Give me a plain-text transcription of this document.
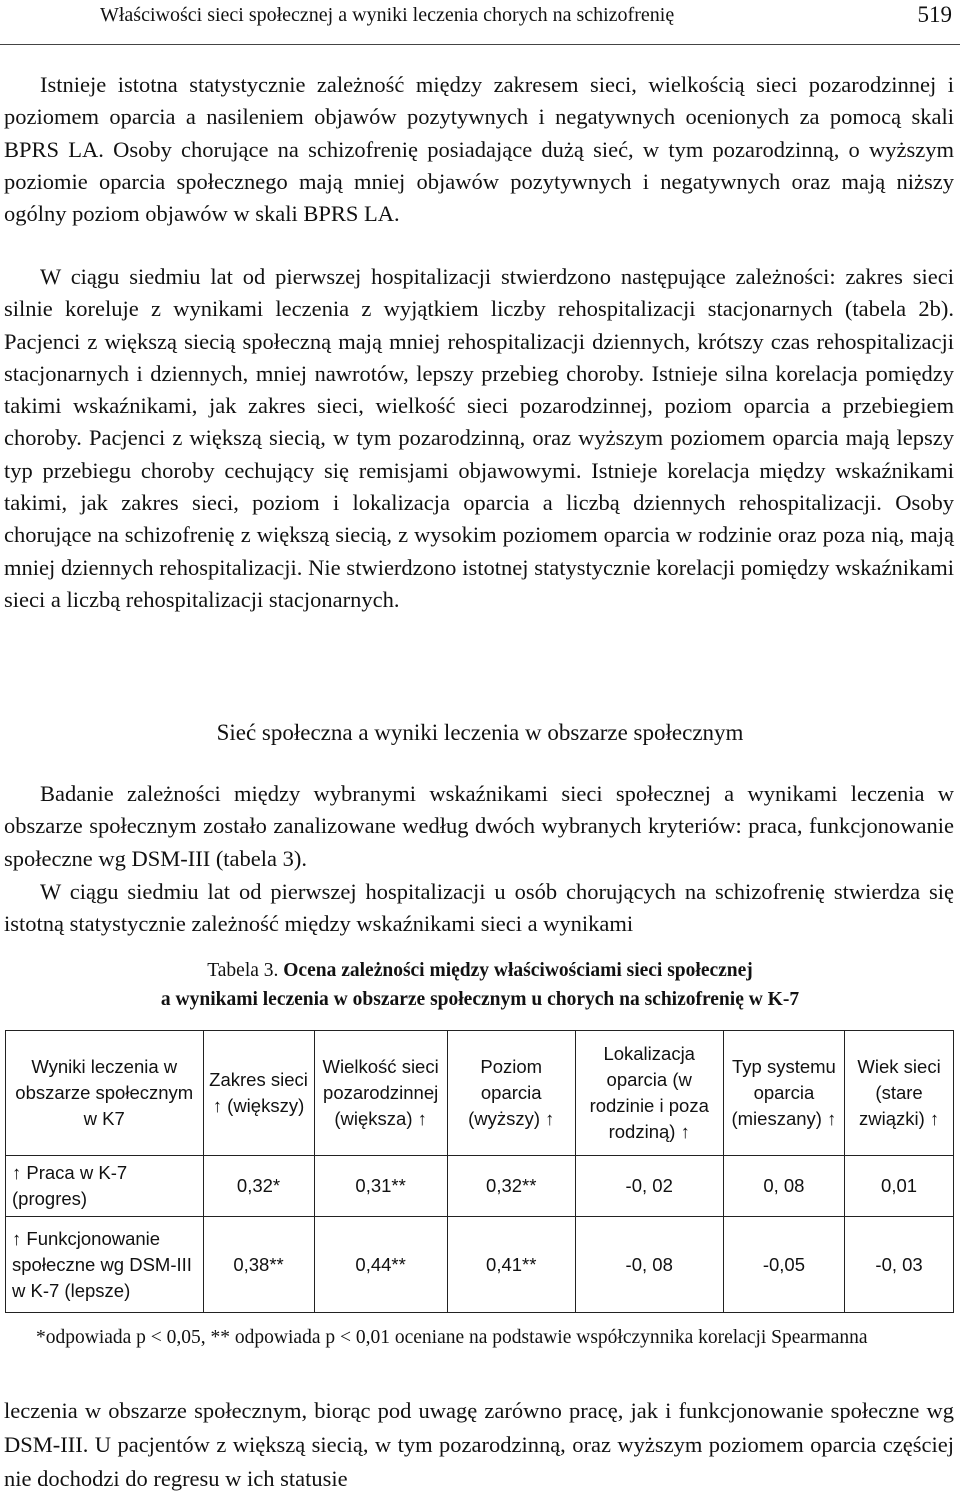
Właściwości sieci społecznej a wyniki leczenia chorych na schizofrenię	519

Istnieje istotna statystycznie zależność między zakresem sieci, wielkością sieci pozarodzinnej i poziomem oparcia a nasileniem objawów pozytywnych i negatywnych ocenionych za pomocą skali BPRS LA. Osoby chorujące na schizofrenię posiadające dużą sieć, w tym pozarodzinną, o wyższym poziomie oparcia społecznego mają mniej objawów pozytywnych i negatywnych oraz mają niższy ogólny poziom objawów w skali BPRS LA.

W ciągu siedmiu lat od pierwszej hospitalizacji stwierdzono następujące zależności: zakres sieci silnie koreluje z wynikami leczenia z wyjątkiem liczby rehospitalizacji stacjonarnych (tabela 2b). Pacjenci z większą siecią społeczną mają mniej rehospitalizacji dziennych, krótszy czas rehospitalizacji stacjonarnych i dziennych, mniej nawrotów, lepszy przebieg choroby. Istnieje silna korelacja pomiędzy takimi wskaźnikami, jak zakres sieci, wielkość sieci pozarodzinnej, poziom oparcia a przebiegiem choroby. Pacjenci z większą siecią, w tym pozarodzinną, oraz wyższym poziomem oparcia mają lepszy typ przebiegu choroby cechujący się remisjami objawowymi. Istnieje korelacja między wskaźnikami takimi, jak zakres sieci, poziom i lokalizacja oparcia a liczbą dziennych rehospitalizacji. Osoby chorujące na schizofrenię z większą siecią, z wysokim poziomem oparcia w rodzinie oraz poza nią, mają mniej dziennych rehospitalizacji. Nie stwierdzono istotnej statystycznie korelacji pomiędzy wskaźnikami sieci a liczbą rehospitalizacji stacjonarnych.

Sieć społeczna a wyniki leczenia w obszarze społecznym

Badanie zależności między wybranymi wskaźnikami sieci społecznej a wynikami leczenia w obszarze społecznym zostało zanalizowane według dwóch wybranych kryteriów: praca, funkcjonowanie społeczne wg DSM-III (tabela 3).

W ciągu siedmiu lat od pierwszej hospitalizacji u osób chorujących na schizofrenię stwierdza się istotną statystycznie zależność między wskaźnikami sieci a wynikami

Tabela 3. Ocena zależności między właściwościami sieci społecznej
a wynikami leczenia w obszarze społecznym u chorych na schizofrenię w K-7
Wyniki leczenia w obszarze społecznym w K7	Zakres sieci ↑ (większy)	Wielkość sieci pozarodzinnej (większa) ↑	Poziom oparcia (wyższy) ↑	Lokalizacja oparcia (w rodzinie i poza rodziną) ↑	Typ systemu oparcia (mieszany) ↑	Wiek sieci (stare związki) ↑
↑ Praca w K-7 (progres)	0,32*	0,31**	0,32**	-0, 02	0, 08	0,01
↑ Funkcjonowanie społeczne wg DSM-III w K-7 (lepsze)	0,38**	0,44**	0,41**	-0, 08	-0,05	-0, 03
*odpowiada p < 0,05, ** odpowiada p < 0,01 oceniane na podstawie współczynnika korelacji Spearmanna

leczenia w obszarze społecznym, biorąc pod uwagę zarówno pracę, jak i funkcjonowanie społeczne wg DSM-III. U pacjentów z większą siecią, w tym pozarodzinną, oraz wyższym poziomem oparcia częściej nie dochodzi do regresu w ich statusie
